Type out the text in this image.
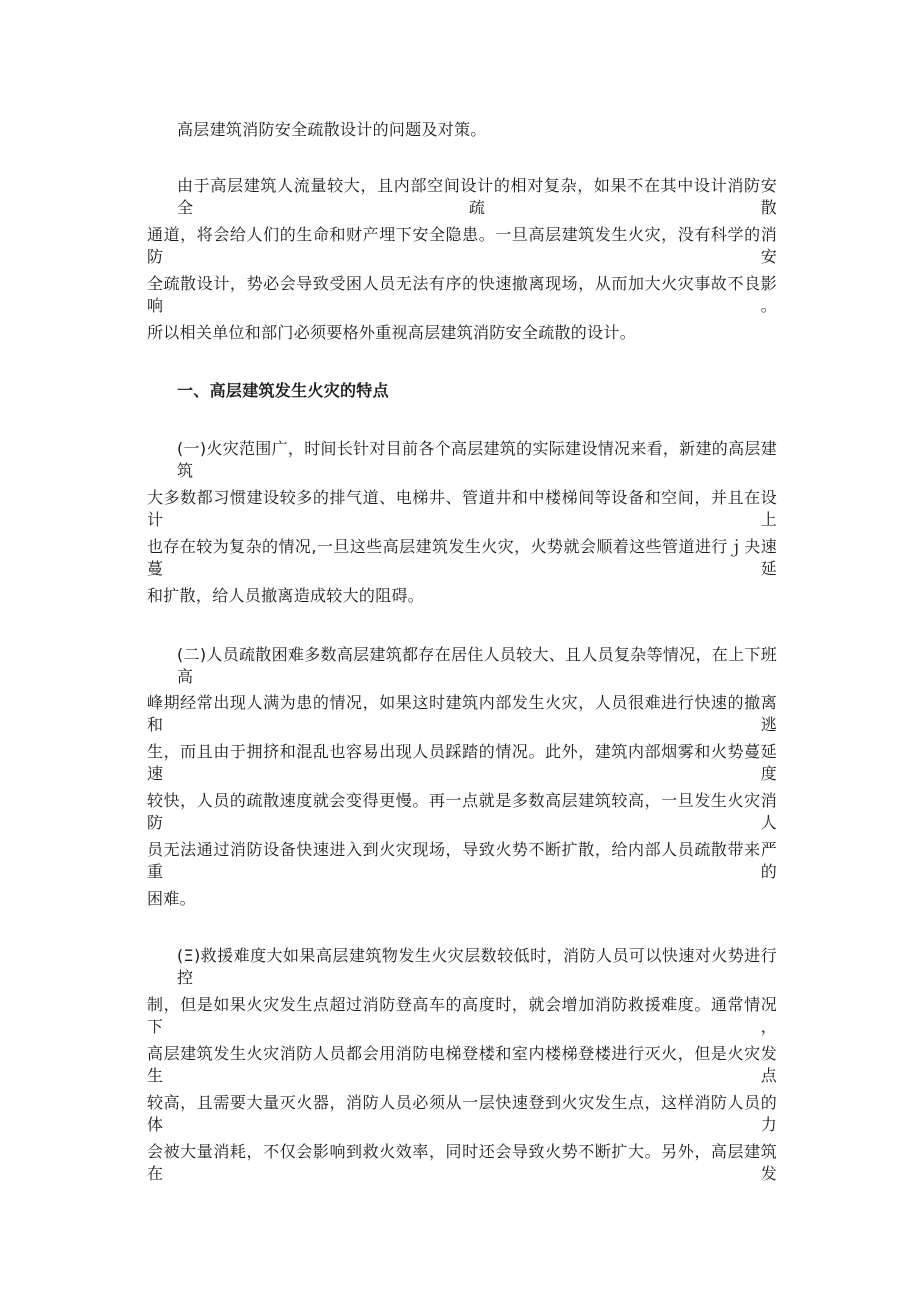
高层建筑消防安全疏散设计的问题及对策。
由于高层建筑人流量较大，且内部空间设计的相对复杂，如果不在其中设计消防安全疏散
通道，将会给人们的生命和财产埋下安全隐患。一旦高层建筑发生火灾，没有科学的消防安
全疏散设计，势必会导致受困人员无法有序的快速撤离现场，从而加大火灾事故不良影响。
所以相关单位和部门必须要格外重视高层建筑消防安全疏散的设计。
一、高层建筑发生火灾的特点
(一)火灾范围广，时间长针对目前各个高层建筑的实际建设情况来看，新建的高层建筑
大多数都习惯建设较多的排气道、电梯井、管道井和中楼梯间等设备和空间，并且在设计上
也存在较为复杂的情况,一旦这些高层建筑发生火灾，火势就会顺着这些管道进行ｊ夬速蔓延
和扩散，给人员撤离造成较大的阻碍。
(二)人员疏散困难多数高层建筑都存在居住人员较大、且人员复杂等情况，在上下班高
峰期经常出现人满为患的情况，如果这时建筑内部发生火灾，人员很难进行快速的撤离和逃
生，而且由于拥挤和混乱也容易出现人员踩踏的情况。此外，建筑内部烟雾和火势蔓延速度
较快，人员的疏散速度就会变得更慢。再一点就是多数高层建筑较高，一旦发生火灾消防人
员无法通过消防设备快速进入到火灾现场，导致火势不断扩散，给内部人员疏散带来严重的
困难。
(Ξ)救援难度大如果高层建筑物发生火灾层数较低时，消防人员可以快速对火势进行控
制，但是如果火灾发生点超过消防登高车的高度时，就会增加消防救援难度。通常情况下，
高层建筑发生火灾消防人员都会用消防电梯登楼和室内楼梯登楼进行灭火，但是火灾发生点
较高，且需要大量灭火器，消防人员必须从一层快速登到火灾发生点，这样消防人员的体力
会被大量消耗，不仅会影响到救火效率，同时还会导致火势不断扩大。另外，高层建筑在发
